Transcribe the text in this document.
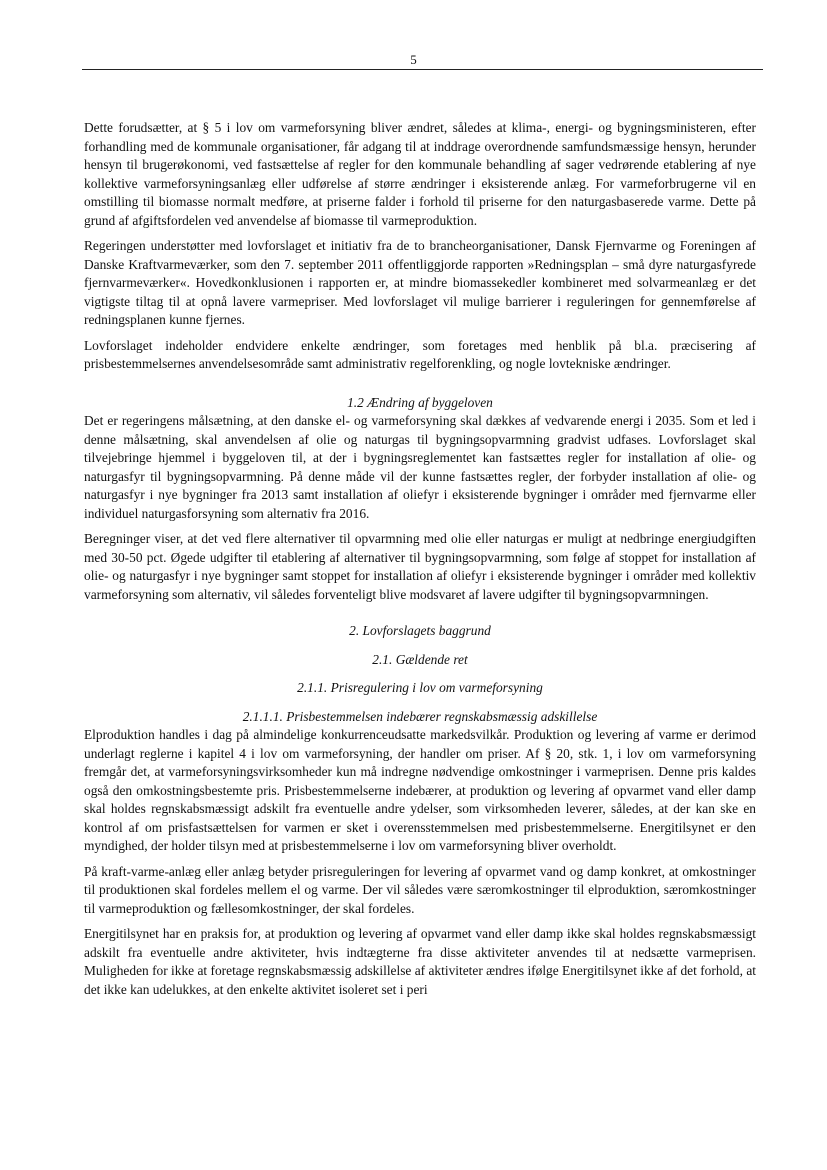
5

Dette forudsætter, at § 5 i lov om varmeforsyning bliver ændret, således at klima-, energi- og bygningsministeren, efter forhandling med de kommunale organisationer, får adgang til at inddrage overordnende samfundsmæssige hensyn, herunder hensyn til brugerøkonomi, ved fastsættelse af regler for den kommunale behandling af sager vedrørende etablering af nye kollektive varmeforsyningsanlæg eller udførelse af større ændringer i eksisterende anlæg. For varmeforbrugerne vil en omstilling til biomasse normalt medføre, at priserne falder i forhold til priserne for den naturgasbaserede varme. Dette på grund af afgiftsfordelen ved anvendelse af biomasse til varmeproduktion.

Regeringen understøtter med lovforslaget et initiativ fra de to brancheorganisationer, Dansk Fjernvarme og Foreningen af Danske Kraftvarmeværker, som den 7. september 2011 offentliggjorde rapporten »Redningsplan – små dyre naturgasfyrede fjernvarmeværker«. Hovedkonklusionen i rapporten er, at mindre biomassekedler kombineret med solvarmeanlæg er det vigtigste tiltag til at opnå lavere varmepriser. Med lovforslaget vil mulige barrierer i reguleringen for gennemførelse af redningsplanen kunne fjernes.

Lovforslaget indeholder endvidere enkelte ændringer, som foretages med henblik på bl.a. præcisering af prisbestemmelsernes anvendelsesområde samt administrativ regelforenkling, og nogle lovtekniske ændringer.

1.2 Ændring af byggeloven

Det er regeringens målsætning, at den danske el- og varmeforsyning skal dækkes af vedvarende energi i 2035. Som et led i denne målsætning, skal anvendelsen af olie og naturgas til bygningsopvarmning gradvist udfases. Lovforslaget skal tilvejebringe hjemmel i byggeloven til, at der i bygningsreglementet kan fastsættes regler for installation af olie- og naturgasfyr til bygningsopvarmning. På denne måde vil der kunne fastsættes regler, der forbyder installation af olie- og naturgasfyr i nye bygninger fra 2013 samt installation af oliefyr i eksisterende bygninger i områder med fjernvarme eller individuel naturgasforsyning som alternativ fra 2016.

Beregninger viser, at det ved flere alternativer til opvarmning med olie eller naturgas er muligt at nedbringe energiudgiften med 30-50 pct. Øgede udgifter til etablering af alternativer til bygningsopvarmning, som følge af stoppet for installation af olie- og naturgasfyr i nye bygninger samt stoppet for installation af oliefyr i eksisterende bygninger i områder med kollektiv varmeforsyning som alternativ, vil således forventeligt blive modsvaret af lavere udgifter til bygningsopvarmningen.

2. Lovforslagets baggrund
2.1. Gældende ret
2.1.1. Prisregulering i lov om varmeforsyning
2.1.1.1. Prisbestemmelsen indebærer regnskabsmæssig adskillelse

Elproduktion handles i dag på almindelige konkurrenceudsatte markedsvilkår. Produktion og levering af varme er derimod underlagt reglerne i kapitel 4 i lov om varmeforsyning, der handler om priser. Af § 20, stk. 1, i lov om varmeforsyning fremgår det, at varmeforsyningsvirksomheder kun må indregne nødvendige omkostninger i varmeprisen. Denne pris kaldes også den omkostningsbestemte pris. Prisbestemmelserne indebærer, at produktion og levering af opvarmet vand eller damp skal holdes regnskabsmæssigt adskilt fra eventuelle andre ydelser, som virksomheden leverer, således, at der kan ske en kontrol af om prisfastsættelsen for varmen er sket i overensstemmelsen med prisbestemmelserne. Energitilsynet er den myndighed, der holder tilsyn med at prisbestemmelserne i lov om varmeforsyning bliver overholdt.

På kraft-varme-anlæg eller anlæg betyder prisreguleringen for levering af opvarmet vand og damp konkret, at omkostninger til produktionen skal fordeles mellem el og varme. Der vil således være særomkostninger til elproduktion, særomkostninger til varmeproduktion og fællesomkostninger, der skal fordeles.

Energitilsynet har en praksis for, at produktion og levering af opvarmet vand eller damp ikke skal holdes regnskabsmæssigt adskilt fra eventuelle andre aktiviteter, hvis indtægterne fra disse aktiviteter anvendes til at nedsætte varmeprisen. Muligheden for ikke at foretage regnskabsmæssig adskillelse af aktiviteter ændres ifølge Energitilsynet ikke af det forhold, at det ikke kan udelukkes, at den enkelte aktivitet isoleret set i peri
